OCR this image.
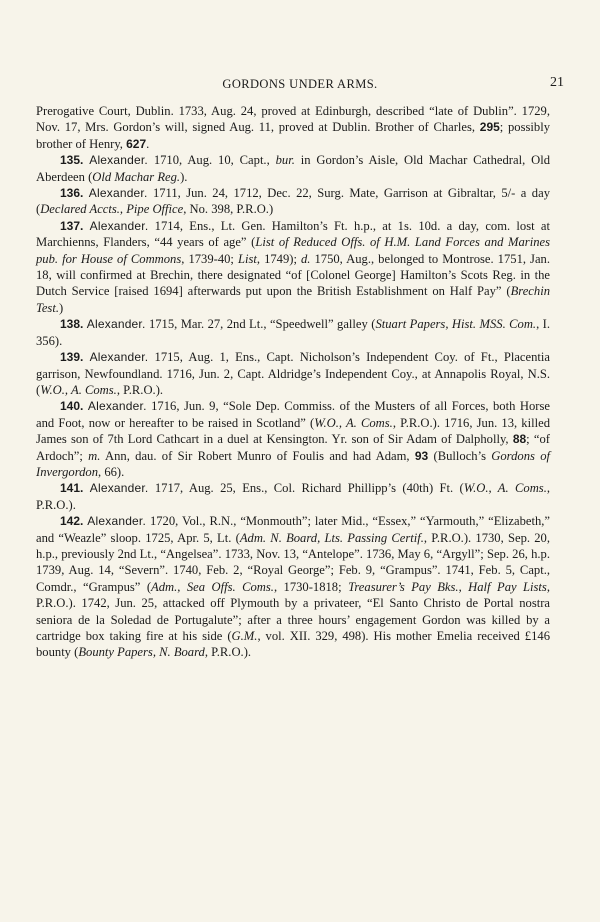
GORDONS UNDER ARMS.	21

Prerogative Court, Dublin. 1733, Aug. 24, proved at Edinburgh, described “late of Dublin”. 1729, Nov. 17, Mrs. Gordon’s will, signed Aug. 11, proved at Dublin. Brother of Charles, 295; possibly brother of Henry, 627.

135. Alexander. 1710, Aug. 10, Capt., bur. in Gordon’s Aisle, Old Machar Cathedral, Old Aberdeen (Old Machar Reg.).

136. Alexander. 1711, Jun. 24, 1712, Dec. 22, Surg. Mate, Garrison at Gibraltar, 5/- a day (Declared Accts., Pipe Office, No. 398, P.R.O.)

137. Alexander. 1714, Ens., Lt. Gen. Hamilton’s Ft. h.p., at 1s. 10d. a day, com. lost at Marchienns, Flanders, “44 years of age” (List of Reduced Offs. of H.M. Land Forces and Marines pub. for House of Commons, 1739-40; List, 1749); d. 1750, Aug., belonged to Montrose. 1751, Jan. 18, will confirmed at Brechin, there designated “of [Colonel George] Hamilton’s Scots Reg. in the Dutch Service [raised 1694] afterwards put upon the British Establishment on Half Pay” (Brechin Test.)

138. Alexander. 1715, Mar. 27, 2nd Lt., “Speedwell” galley (Stuart Papers, Hist. MSS. Com., I. 356).

139. Alexander. 1715, Aug. 1, Ens., Capt. Nicholson’s Independent Coy. of Ft., Placentia garrison, Newfoundland. 1716, Jun. 2, Capt. Aldridge’s Independent Coy., at Annapolis Royal, N.S. (W.O., A. Coms., P.R.O.).

140. Alexander. 1716, Jun. 9, “Sole Dep. Commiss. of the Musters of all Forces, both Horse and Foot, now or hereafter to be raised in Scotland” (W.O., A. Coms., P.R.O.). 1716, Jun. 13, killed James son of 7th Lord Cathcart in a duel at Kensington. Yr. son of Sir Adam of Dalpholly, 88; “of Ardoch”; m. Ann, dau. of Sir Robert Munro of Foulis and had Adam, 93 (Bulloch’s Gordons of Invergordon, 66).

141. Alexander. 1717, Aug. 25, Ens., Col. Richard Phillipp’s (40th) Ft. (W.O., A. Coms., P.R.O.).

142. Alexander. 1720, Vol., R.N., “Monmouth”; later Mid., “Essex,” “Yarmouth,” “Elizabeth,” and “Weazle” sloop. 1725, Apr. 5, Lt. (Adm. N. Board, Lts. Passing Certif., P.R.O.). 1730, Sep. 20, h.p., previously 2nd Lt., “Angelsea”. 1733, Nov. 13, “Antelope”. 1736, May 6, “Argyll”; Sep. 26, h.p. 1739, Aug. 14, “Severn”. 1740, Feb. 2, “Royal George”; Feb. 9, “Grampus”. 1741, Feb. 5, Capt., Comdr., “Grampus” (Adm., Sea Offs. Coms., 1730-1818; Treasurer’s Pay Bks., Half Pay Lists, P.R.O.). 1742, Jun. 25, attacked off Plymouth by a privateer, “El Santo Christo de Portal nostra seniora de la Soledad de Portugalute”; after a three hours’ engagement Gordon was killed by a cartridge box taking fire at his side (G.M., vol. XII. 329, 498). His mother Emelia received £146 bounty (Bounty Papers, N. Board, P.R.O.).
